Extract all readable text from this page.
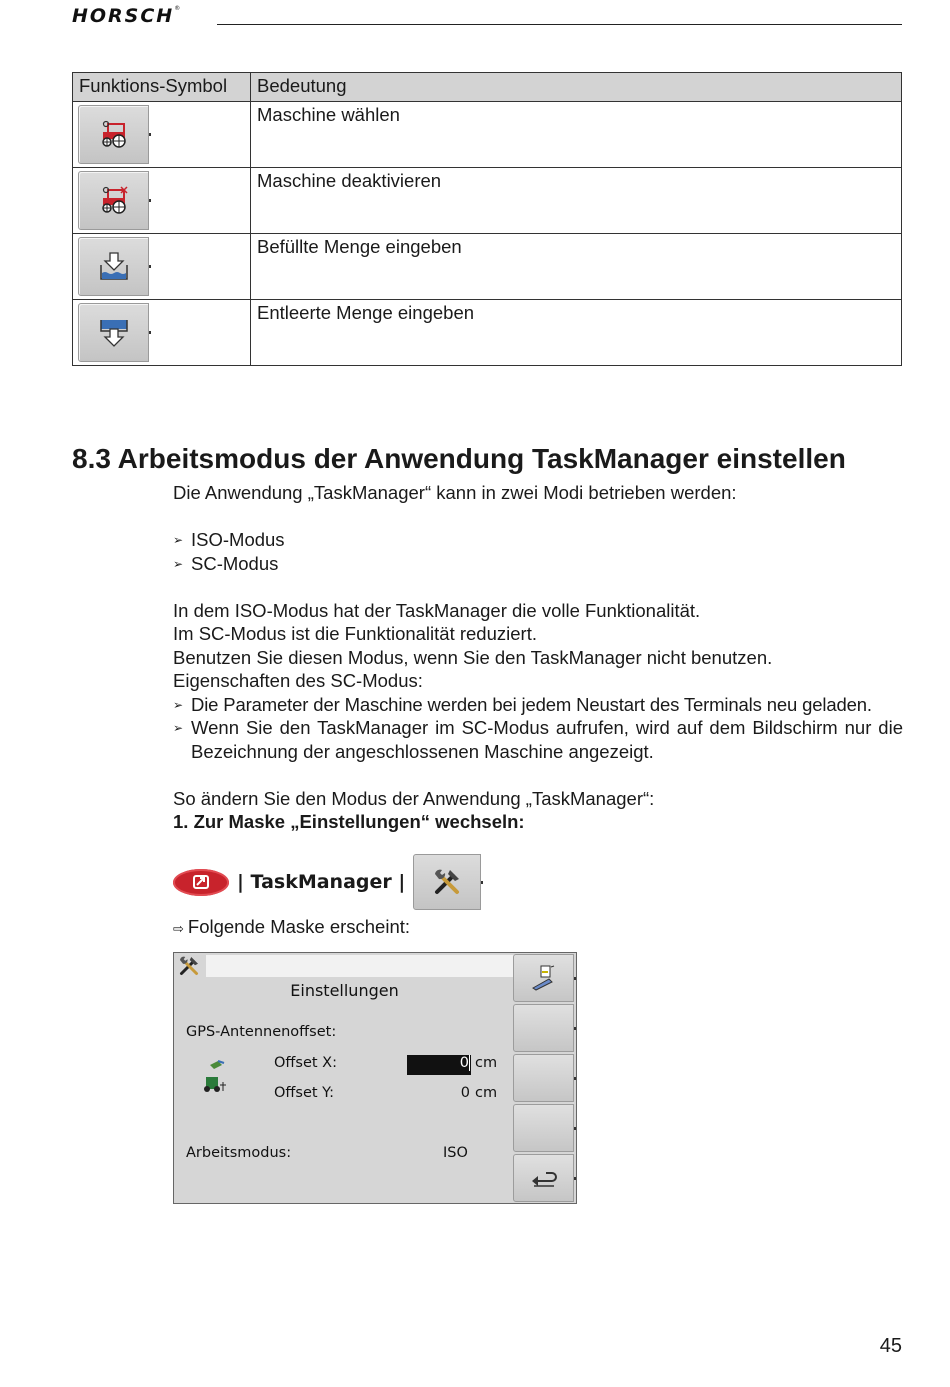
HORSCH®
Funktions-Symbol	Bedeutung

	Maschine wählen

	Maschine deaktivieren

	Befüllte Menge eingeben

	Entleerte Menge eingeben
8.3 Arbeitsmodus der Anwendung TaskManager einstellen

Die Anwendung „TaskManager“ kann in zwei Modi betrieben werden:

➢ ISO-Modus

➢ SC-Modus

In dem ISO-Modus hat der TaskManager die volle Funktionalität.

Im SC-Modus ist die Funktionalität reduziert.

Benutzen Sie diesen Modus, wenn Sie den TaskManager nicht benutzen.

Eigenschaften des SC-Modus:

➢ Die Parameter der Maschine werden bei jedem Neustart des Terminals neu geladen.

➢ Wenn Sie den TaskManager im SC-Modus aufrufen, wird auf dem Bildschirm nur die Bezeichnung der angeschlossenen Maschine angezeigt.

So ändern Sie den Modus der Anwendung „TaskManager“:

1. Zur Maske „Einstellungen“ wechseln:

| TaskManager |
⇨ Folgende Maske erscheint:
Einstellungen
GPS-Antennenoffset:
Offset X:	0 cm
Offset Y:	0 cm
Arbeitsmodus:	ISO
45
